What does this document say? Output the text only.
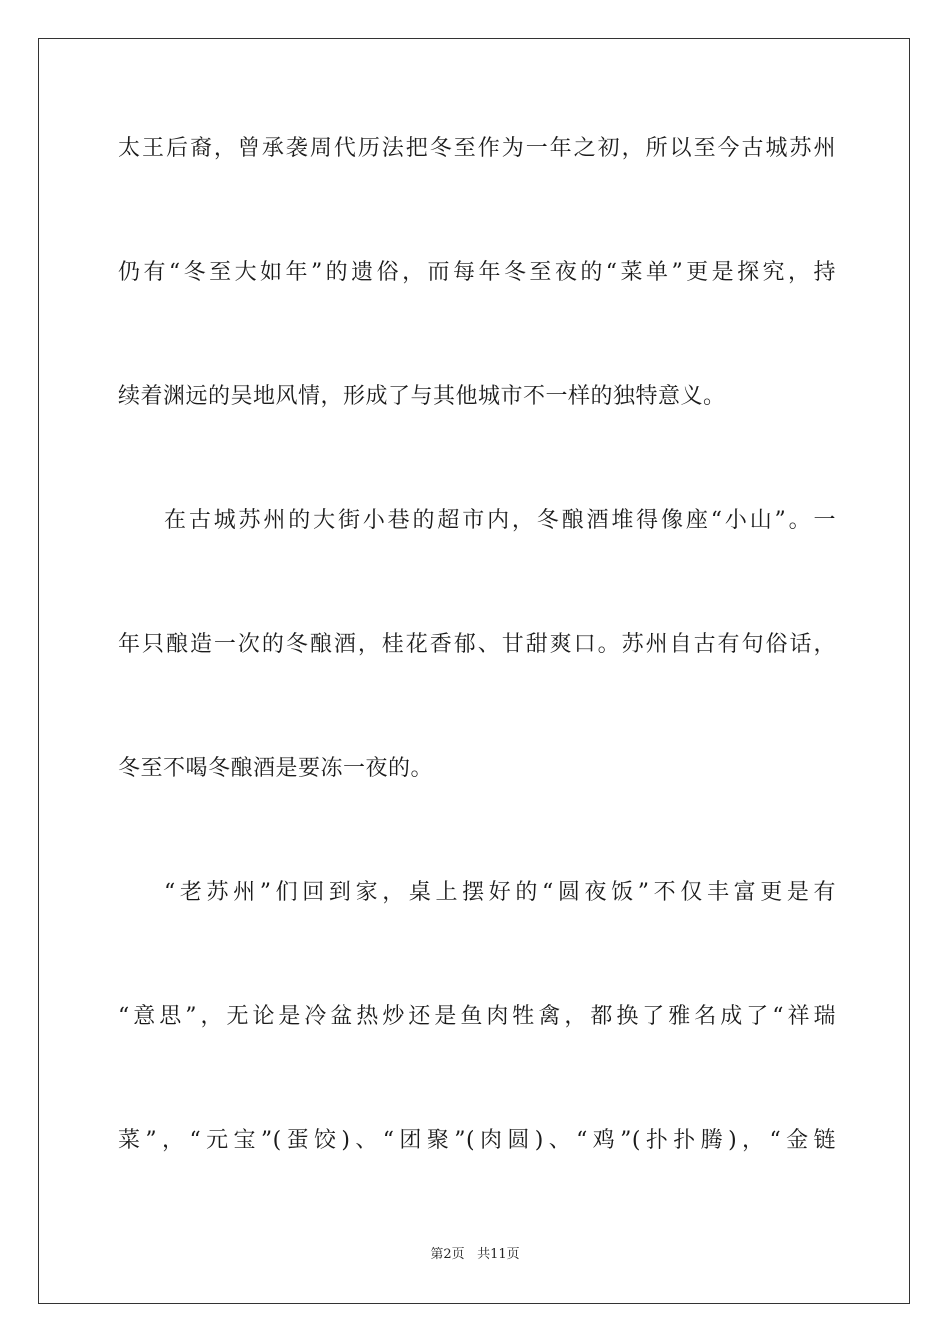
太王后裔，曾承袭周代历法把冬至作为一年之初，所以至今古城苏州
仍有“冬至大如年”的遗俗，而每年冬至夜的“菜单”更是探究，持
续着渊远的吴地风情，形成了与其他城市不一样的独特意义。
在古城苏州的大街小巷的超市内，冬酿酒堆得像座“小山”。一
年只酿造一次的冬酿酒，桂花香郁、甘甜爽口。苏州自古有句俗话，
冬至不喝冬酿酒是要冻一夜的。
“老苏州”们回到家，桌上摆好的“圆夜饭”不仅丰富更是有
“意思”，无论是冷盆热炒还是鱼肉牲禽，都换了雅名成了“祥瑞
菜”，“元宝”(蛋饺)、“团聚”(肉圆)、“鸡”(扑扑腾)，“金链
第2页 共11页
